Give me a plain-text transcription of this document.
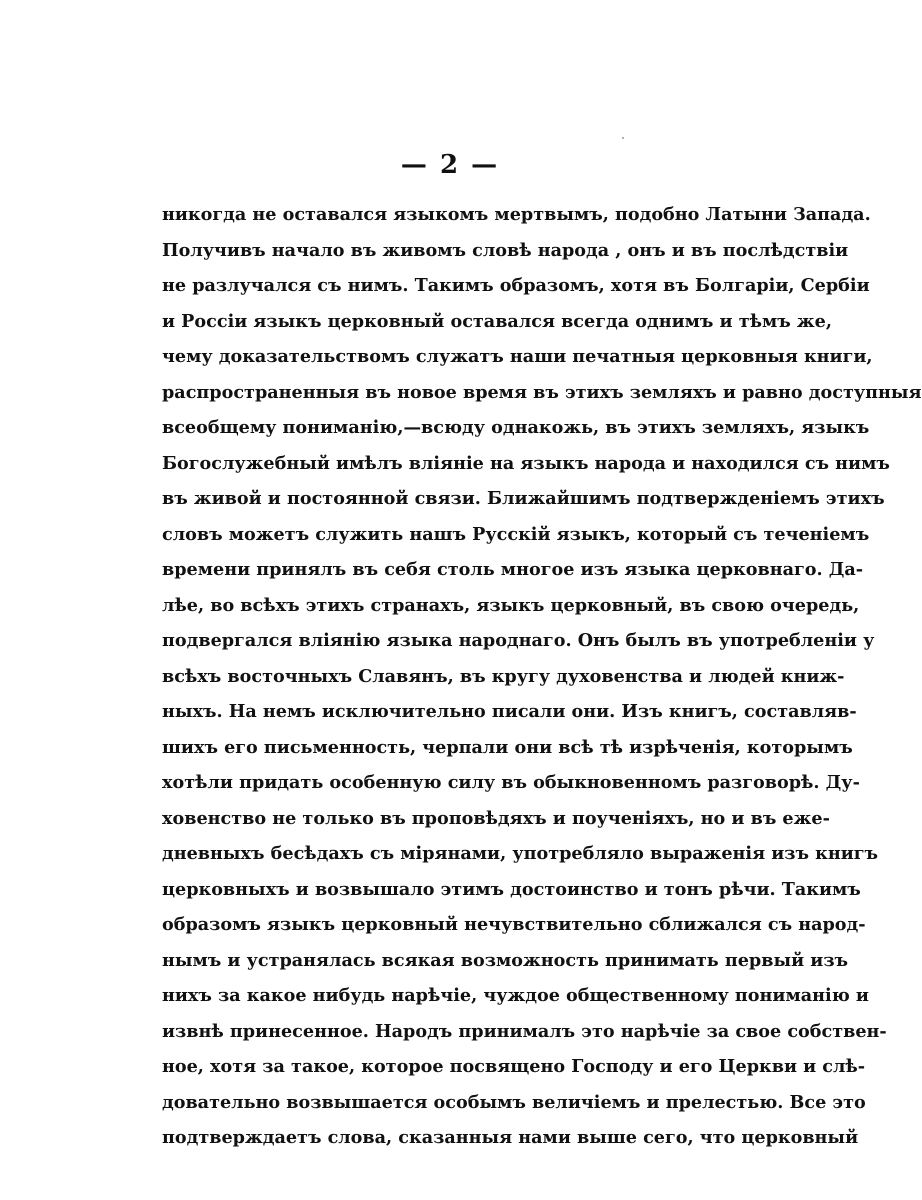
— 2 —
никогда не оставался языкомъ мертвымъ, подобно Латыни Запада.
Получивъ начало въ живомъ словѣ народа , онъ и въ послѣдствіи
не разлучался съ нимъ. Такимъ образомъ, хотя въ Болгаріи, Сербіи
и Россіи языкъ церковный оставался всегда однимъ и тѣмъ же,
чему доказательствомъ служатъ наши печатныя церковныя книги,
распространенныя въ новое время въ этихъ земляхъ и равно доступныя
всеобщему пониманію,—всюду однакожь, въ этихъ земляхъ, языкъ
Богослужебный имѣлъ вліяніе на языкъ народа и находился съ нимъ
въ живой и постоянной связи. Ближайшимъ подтвержденіемъ этихъ
словъ можетъ служить нашъ Русскій языкъ, который съ теченіемъ
времени принялъ въ себя столь многое изъ языка церковнаго. Да-
лѣе, во всѣхъ этихъ странахъ, языкъ церковный, въ свою очередь,
подвергался вліянію языка народнаго. Онъ былъ въ употребленіи у
всѣхъ восточныхъ Славянъ, въ кругу духовенства и людей книж-
ныхъ. На немъ исключительно писали они. Изъ книгъ, составляв-
шихъ его письменность, черпали они всѣ тѣ изрѣченія, которымъ
хотѣли придать особенную силу въ обыкновенномъ разговорѣ. Ду-
ховенство не только въ проповѣдяхъ и поученіяхъ, но и въ еже-
дневныхъ бесѣдахъ съ мірянами, употребляло выраженія изъ книгъ
церковныхъ и возвышало этимъ достоинство и тонъ рѣчи. Такимъ
образомъ языкъ церковный нечувствительно сближался съ народ-
нымъ и устранялась всякая возможность принимать первый изъ
нихъ за какое нибудь нарѣчіе, чуждое общественному пониманію и
извнѣ принесенное. Народъ принималъ это нарѣчіе за свое собствен-
ное, хотя за такое, которое посвящено Господу и его Церкви и слѣ-
довательно возвышается особымъ величіемъ и прелестью. Все это
подтверждаетъ слова, сказанныя нами выше сего, что церковный
